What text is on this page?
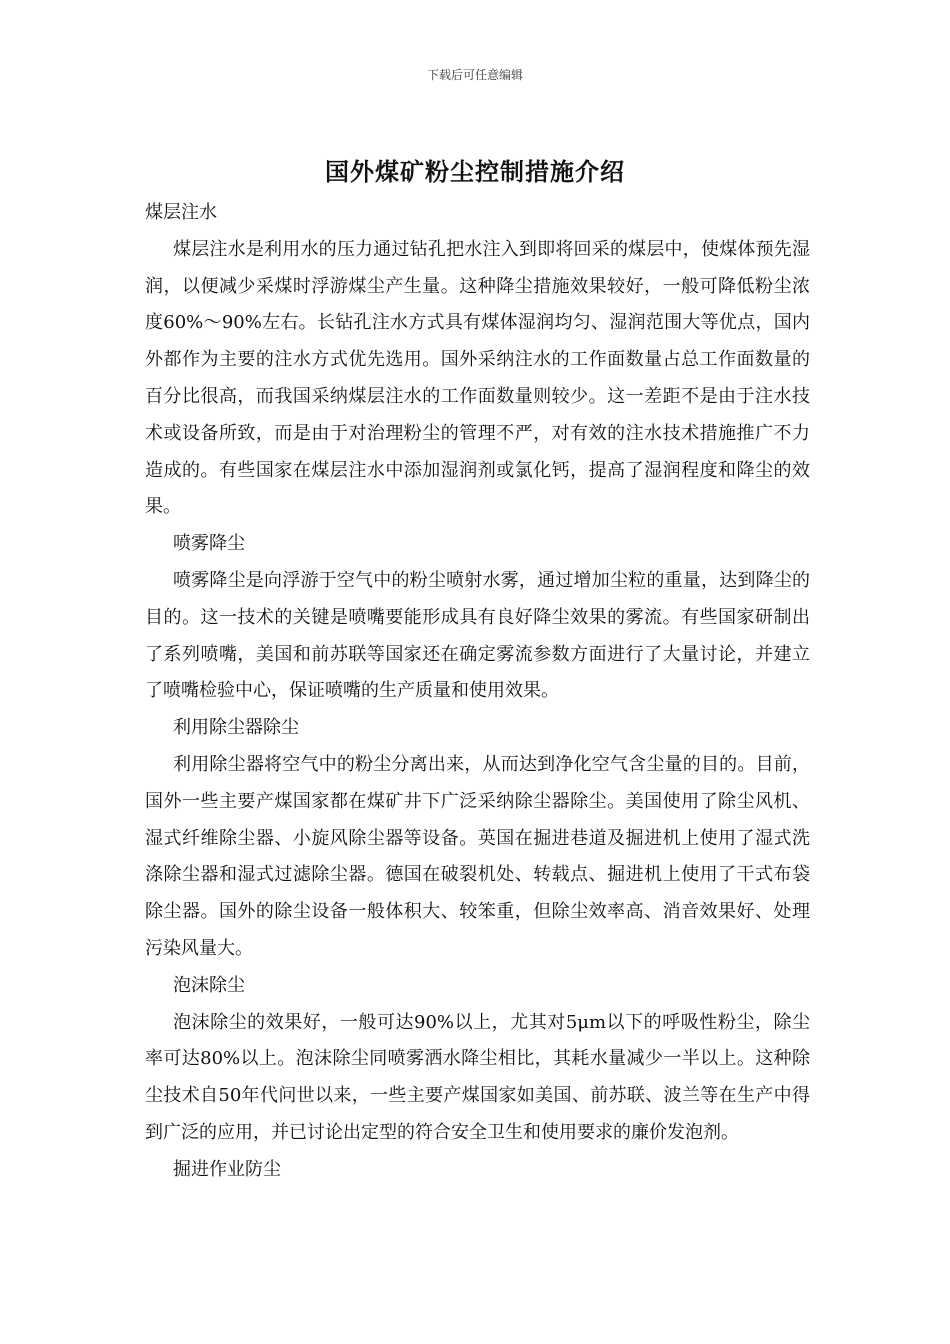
下载后可任意编辑
国外煤矿粉尘控制措施介绍

煤层注水

煤层注水是利用水的压力通过钻孔把水注入到即将回采的煤层中，使煤体预先湿润，以便减少采煤时浮游煤尘产生量。这种降尘措施效果较好，一般可降低粉尘浓度60%～90%左右。长钻孔注水方式具有煤体湿润均匀、湿润范围大等优点，国内外都作为主要的注水方式优先选用。国外采纳注水的工作面数量占总工作面数量的百分比很高，而我国采纳煤层注水的工作面数量则较少。这一差距不是由于注水技术或设备所致，而是由于对治理粉尘的管理不严，对有效的注水技术措施推广不力造成的。有些国家在煤层注水中添加湿润剂或氯化钙，提高了湿润程度和降尘的效果。

喷雾降尘

喷雾降尘是向浮游于空气中的粉尘喷射水雾，通过增加尘粒的重量，达到降尘的目的。这一技术的关键是喷嘴要能形成具有良好降尘效果的雾流。有些国家研制出了系列喷嘴，美国和前苏联等国家还在确定雾流参数方面进行了大量讨论，并建立了喷嘴检验中心，保证喷嘴的生产质量和使用效果。

利用除尘器除尘

利用除尘器将空气中的粉尘分离出来，从而达到净化空气含尘量的目的。目前，国外一些主要产煤国家都在煤矿井下广泛采纳除尘器除尘。美国使用了除尘风机、湿式纤维除尘器、小旋风除尘器等设备。英国在掘进巷道及掘进机上使用了湿式洗涤除尘器和湿式过滤除尘器。德国在破裂机处、转载点、掘进机上使用了干式布袋除尘器。国外的除尘设备一般体积大、较笨重，但除尘效率高、消音效果好、处理污染风量大。

泡沫除尘

泡沫除尘的效果好，一般可达90%以上，尤其对5μm以下的呼吸性粉尘，除尘率可达80%以上。泡沫除尘同喷雾洒水降尘相比，其耗水量减少一半以上。这种除尘技术自50年代问世以来，一些主要产煤国家如美国、前苏联、波兰等在生产中得到广泛的应用，并已讨论出定型的符合安全卫生和使用要求的廉价发泡剂。

掘进作业防尘
